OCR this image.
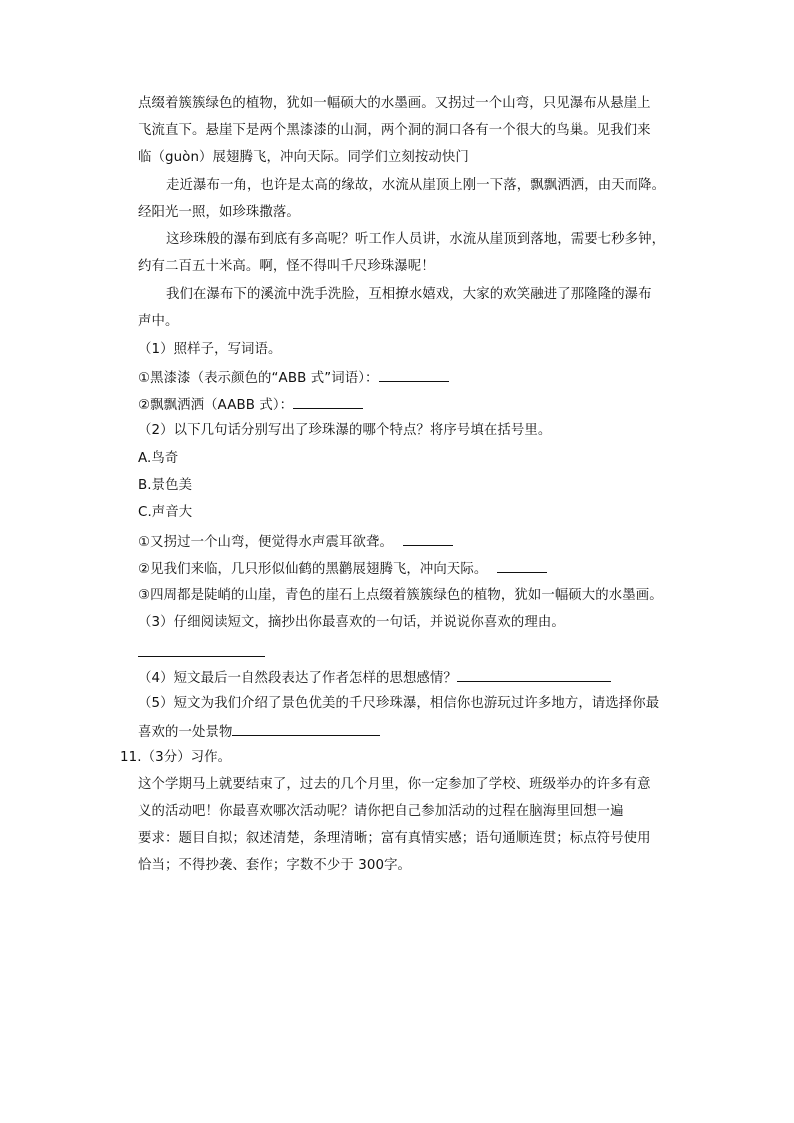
点缀着簇簇绿色的植物，犹如一幅硕大的水墨画。又拐过一个山弯，只见瀑布从悬崖上
飞流直下。悬崖下是两个黑漆漆的山洞，两个洞的洞口各有一个很大的鸟巢。见我们来
临（guòn）展翅腾飞，冲向天际。同学们立刻按动快门
走近瀑布一角，也许是太高的缘故，水流从崖顶上刚一下落，飘飘洒洒，由天而降。
经阳光一照，如珍珠撒落。
这珍珠般的瀑布到底有多高呢？听工作人员讲，水流从崖顶到落地，需要七秒多钟，
约有二百五十米高。啊，怪不得叫千尺珍珠瀑呢！
我们在瀑布下的溪流中洗手洗脸，互相撩水嬉戏，大家的欢笑融进了那隆隆的瀑布
声中。
（1）照样子，写词语。
①黑漆漆（表示颜色的“ABB 式”词语）：
②飘飘洒洒（AABB 式）：
（2）以下几句话分别写出了珍珠瀑的哪个特点？将序号填在括号里。
A.鸟奇
B.景色美
C.声音大
①又拐过一个山弯，便觉得水声震耳欲聋。
②见我们来临，几只形似仙鹤的黑鹳展翅腾飞，冲向天际。
③四周都是陡峭的山崖，青色的崖石上点缀着簇簇绿色的植物，犹如一幅硕大的水墨画。
（3）仔细阅读短文，摘抄出你最喜欢的一句话，并说说你喜欢的理由。
（4）短文最后一自然段表达了作者怎样的思想感情？
（5）短文为我们介绍了景色优美的千尺珍珠瀑，相信你也游玩过许多地方，请选择你最
喜欢的一处景物
11.（3分）习作。
这个学期马上就要结束了，过去的几个月里，你一定参加了学校、班级举办的许多有意
义的活动吧！你最喜欢哪次活动呢？请你把自己参加活动的过程在脑海里回想一遍
要求：题目自拟；叙述清楚，条理清晰；富有真情实感；语句通顺连贯；标点符号使用
恰当；不得抄袭、套作；字数不少于 300字。
